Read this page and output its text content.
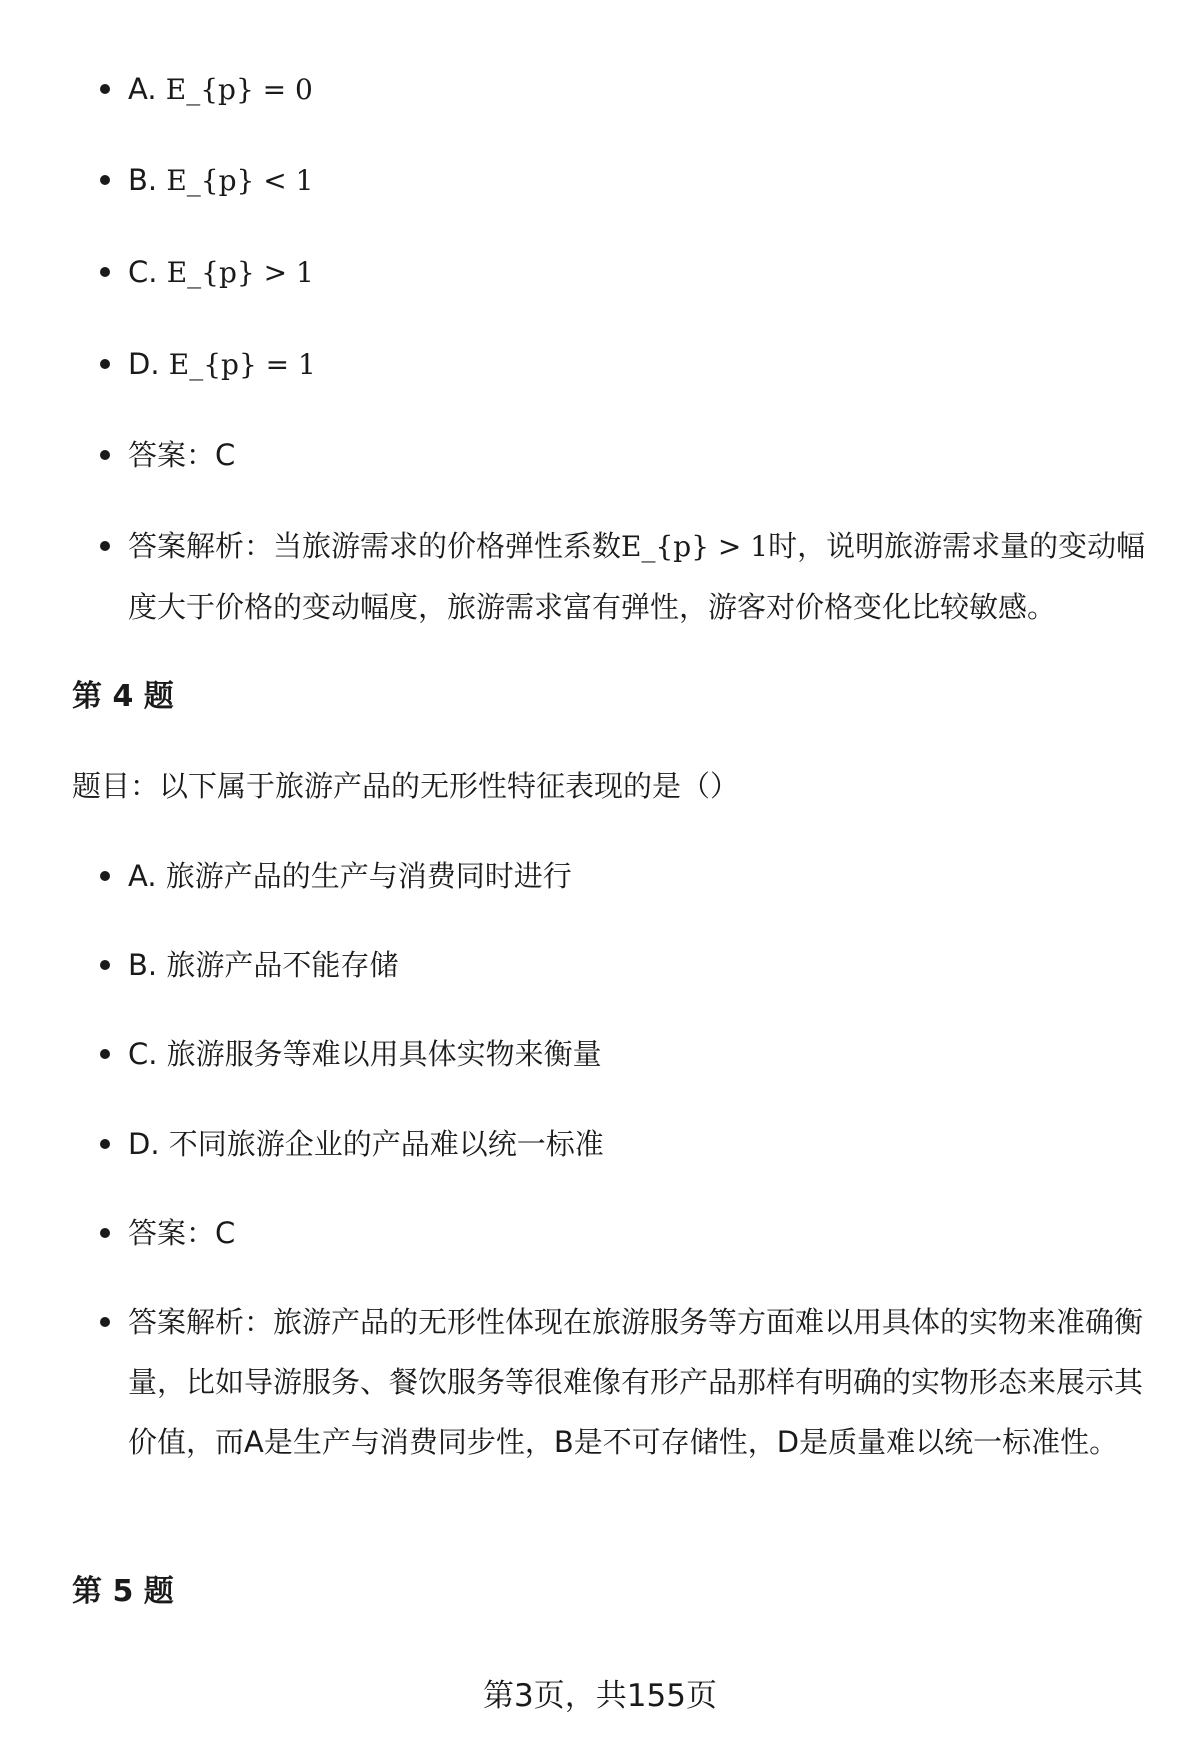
A. E_{p} = 0
B. E_{p} < 1
C. E_{p} > 1
D. E_{p} = 1
答案：C
答案解析：当旅游需求的价格弹性系数E_{p} > 1时，说明旅游需求量的变动幅度大于价格的变动幅度，旅游需求富有弹性，游客对价格变化比较敏感。
第 4 题
题目：以下属于旅游产品的无形性特征表现的是（）
A. 旅游产品的生产与消费同时进行
B. 旅游产品不能存储
C. 旅游服务等难以用具体实物来衡量
D. 不同旅游企业的产品难以统一标准
答案：C
答案解析：旅游产品的无形性体现在旅游服务等方面难以用具体的实物来准确衡量，比如导游服务、餐饮服务等很难像有形产品那样有明确的实物形态来展示其价值，而A是生产与消费同步性，B是不可存储性，D是质量难以统一标准性。
第 5 题
第3页，共155页
